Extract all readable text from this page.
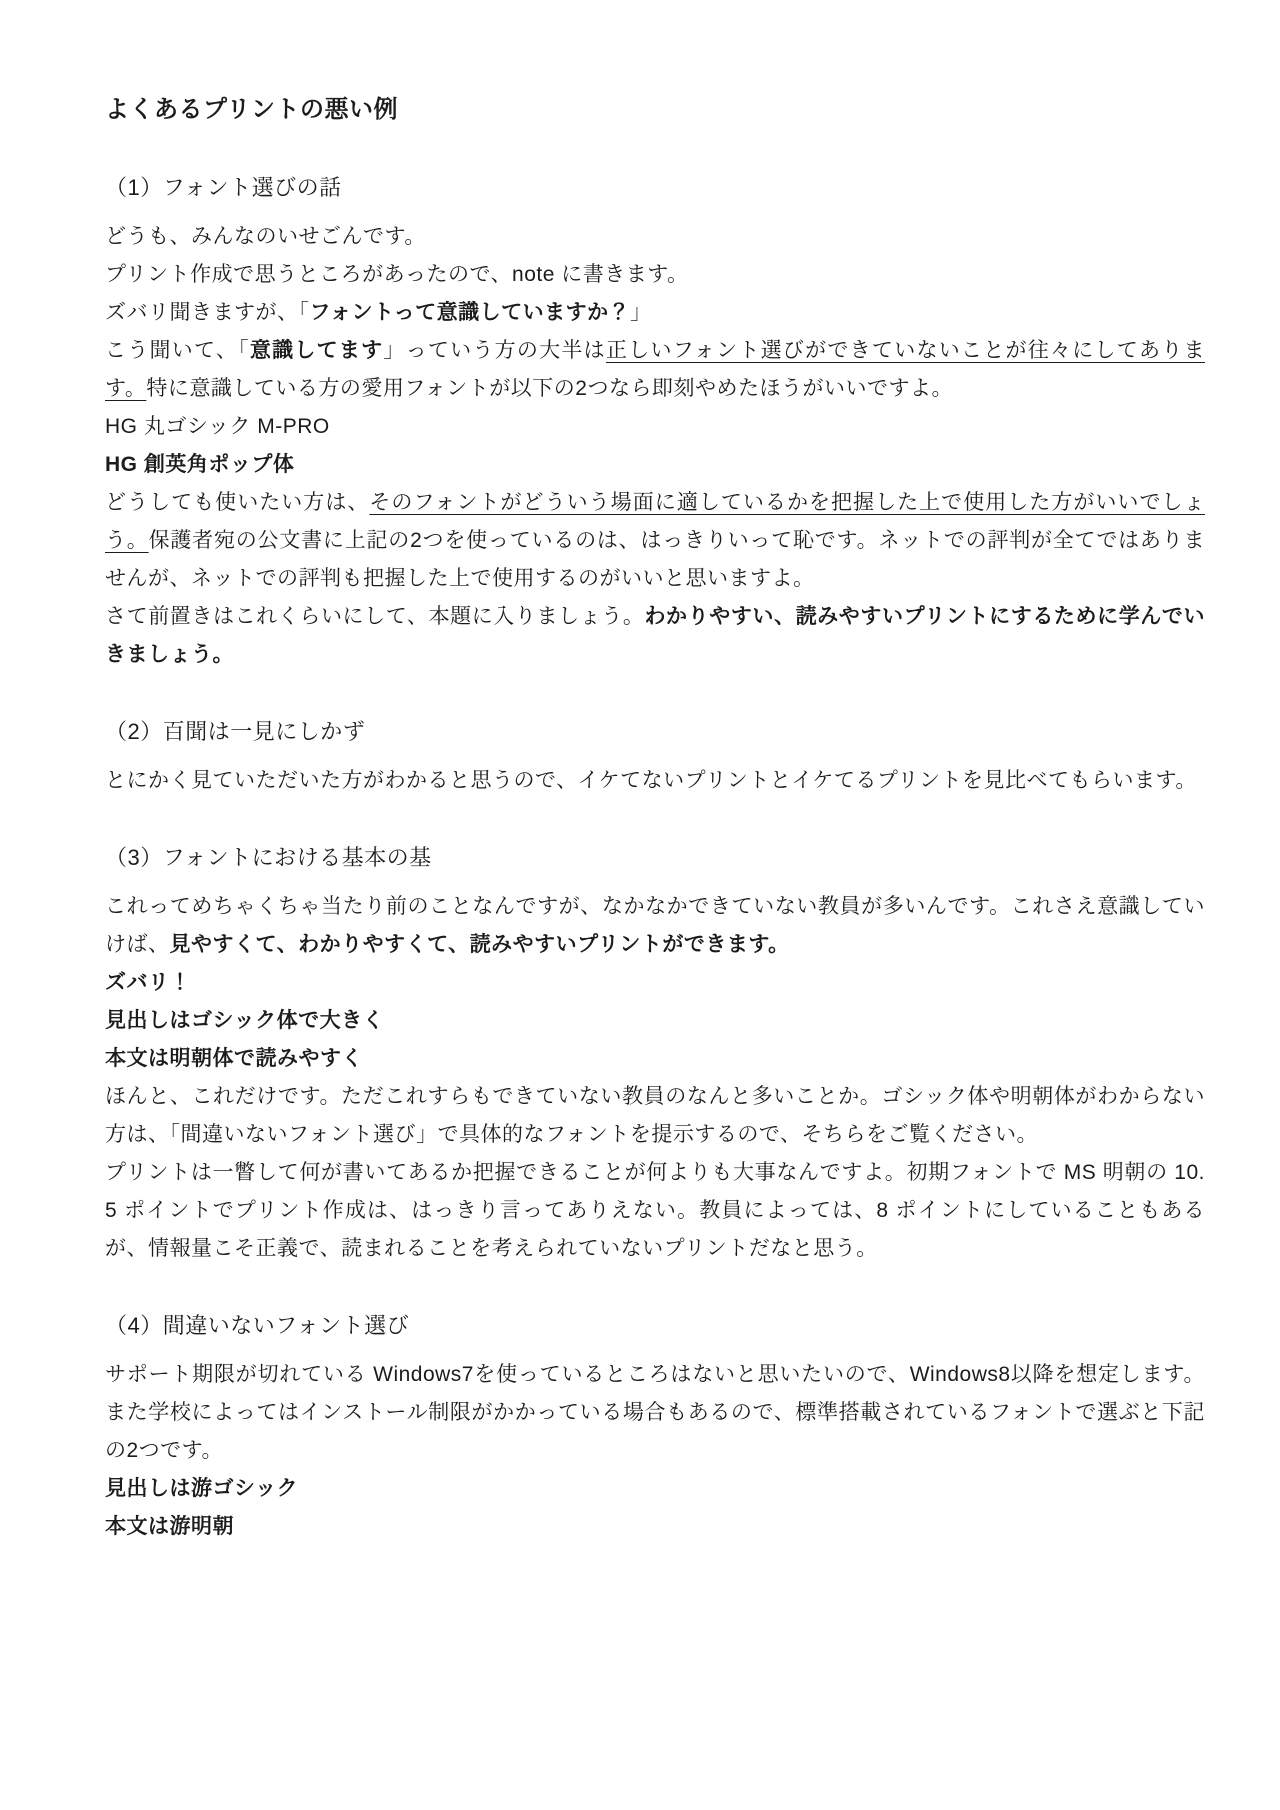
よくあるプリントの悪い例
（1）フォント選びの話
どうも、みんなのいせごんです。
プリント作成で思うところがあったので、note に書きます。
ズバリ聞きますが、「フォントって意識していますか？」
こう聞いて、「意識してます」っていう方の大半は正しいフォント選びができていないことが往々にしてあります。特に意識している方の愛用フォントが以下の2つなら即刻やめたほうがいいですよ。
HG 丸ゴシック M-PRO
HG 創英角ポップ体
どうしても使いたい方は、そのフォントがどういう場面に適しているかを把握した上で使用した方がいいでしょう。保護者宛の公文書に上記の2つを使っているのは、はっきりいって恥です。ネットでの評判が全てではありませんが、ネットでの評判も把握した上で使用するのがいいと思いますよ。
さて前置きはこれくらいにして、本題に入りましょう。わかりやすい、読みやすいプリントにするために学んでいきましょう。
（2）百聞は一見にしかず
とにかく見ていただいた方がわかると思うので、イケてないプリントとイケてるプリントを見比べてもらいます。
（3）フォントにおける基本の基
これってめちゃくちゃ当たり前のことなんですが、なかなかできていない教員が多いんです。これさえ意識していけば、見やすくて、わかりやすくて、読みやすいプリントができます。
ズバリ！
見出しはゴシック体で大きく
本文は明朝体で読みやすく
ほんと、これだけです。ただこれすらもできていない教員のなんと多いことか。ゴシック体や明朝体がわからない方は、「間違いないフォント選び」で具体的なフォントを提示するので、そちらをご覧ください。
プリントは一瞥して何が書いてあるか把握できることが何よりも大事なんですよ。初期フォントで MS 明朝の 10.5 ポイントでプリント作成は、はっきり言ってありえない。教員によっては、8 ポイントにしていることもあるが、情報量こそ正義で、読まれることを考えられていないプリントだなと思う。
（4）間違いないフォント選び
サポート期限が切れている Windows7を使っているところはないと思いたいので、Windows8以降を想定します。また学校によってはインストール制限がかかっている場合もあるので、標準搭載されているフォントで選ぶと下記の2つです。
見出しは游ゴシック
本文は游明朝
